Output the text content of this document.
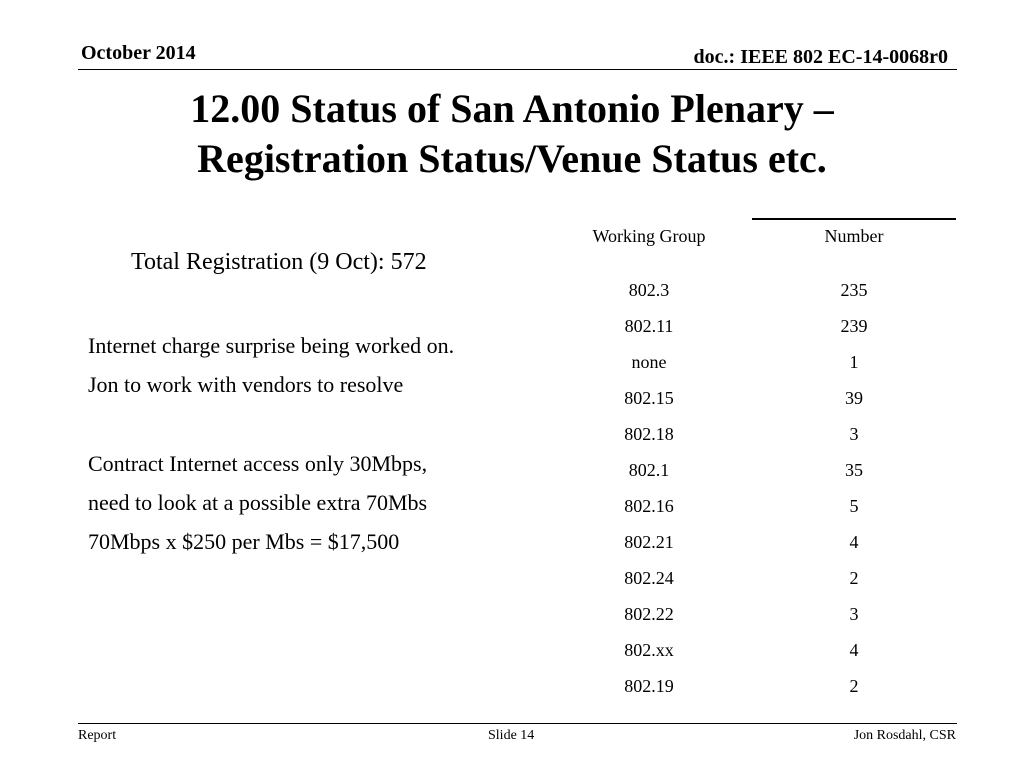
October 2014	doc.: IEEE 802 EC-14-0068r0
12.00 Status of San Antonio Plenary –
Registration Status/Venue Status etc.
Total Registration (9 Oct): 572
Internet charge surprise being worked on.
Jon to work with vendors to resolve
Contract Internet access only 30Mbps,
need to look at a possible extra 70Mbs
70Mbps x $250 per Mbs = $17,500
Working Group	Number
802.3	235
802.11	239
none	1
802.15	39
802.18	3
802.1	35
802.16	5
802.21	4
802.24	2
802.22	3
802.xx	4
802.19	2
Report	Slide 14	Jon Rosdahl, CSR
